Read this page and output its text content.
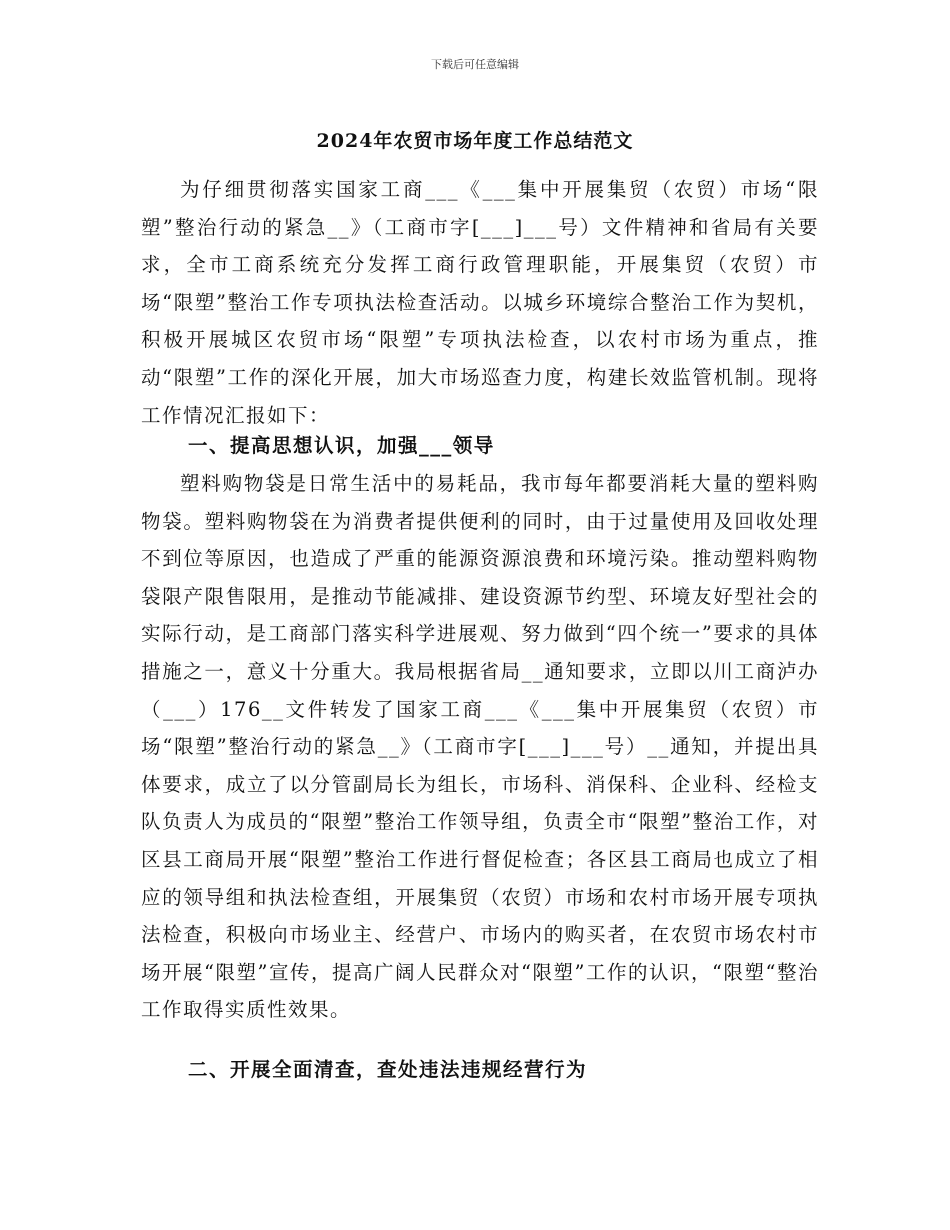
下载后可任意编辑
2024年农贸市场年度工作总结范文

为仔细贯彻落实国家工商___《___集中开展集贸（农贸）市场“限塑”整治行动的紧急__》（工商市字[___]___号）文件精神和省局有关要求，全市工商系统充分发挥工商行政管理职能，开展集贸（农贸）市场“限塑”整治工作专项执法检查活动。以城乡环境综合整治工作为契机，积极开展城区农贸市场“限塑”专项执法检查，以农村市场为重点，推动“限塑”工作的深化开展，加大市场巡查力度，构建长效监管机制。现将工作情况汇报如下：

一、提高思想认识，加强___领导

塑料购物袋是日常生活中的易耗品，我市每年都要消耗大量的塑料购物袋。塑料购物袋在为消费者提供便利的同时，由于过量使用及回收处理不到位等原因，也造成了严重的能源资源浪费和环境污染。推动塑料购物袋限产限售限用，是推动节能减排、建设资源节约型、环境友好型社会的实际行动，是工商部门落实科学进展观、努力做到“四个统一”要求的具体措施之一，意义十分重大。我局根据省局__通知要求，立即以川工商泸办（___）176__文件转发了国家工商___《___集中开展集贸（农贸）市场“限塑”整治行动的紧急__》（工商市字[___]___号）__通知，并提出具体要求，成立了以分管副局长为组长，市场科、消保科、企业科、经检支队负责人为成员的“限塑”整治工作领导组，负责全市“限塑”整治工作，对区县工商局开展“限塑”整治工作进行督促检查；各区县工商局也成立了相应的领导组和执法检查组，开展集贸（农贸）市场和农村市场开展专项执法检查，积极向市场业主、经营户、市场内的购买者，在农贸市场农村市场开展“限塑”宣传，提高广阔人民群众对“限塑”工作的认识，“限塑“整治工作取得实质性效果。

二、开展全面清查，查处违法违规经营行为
